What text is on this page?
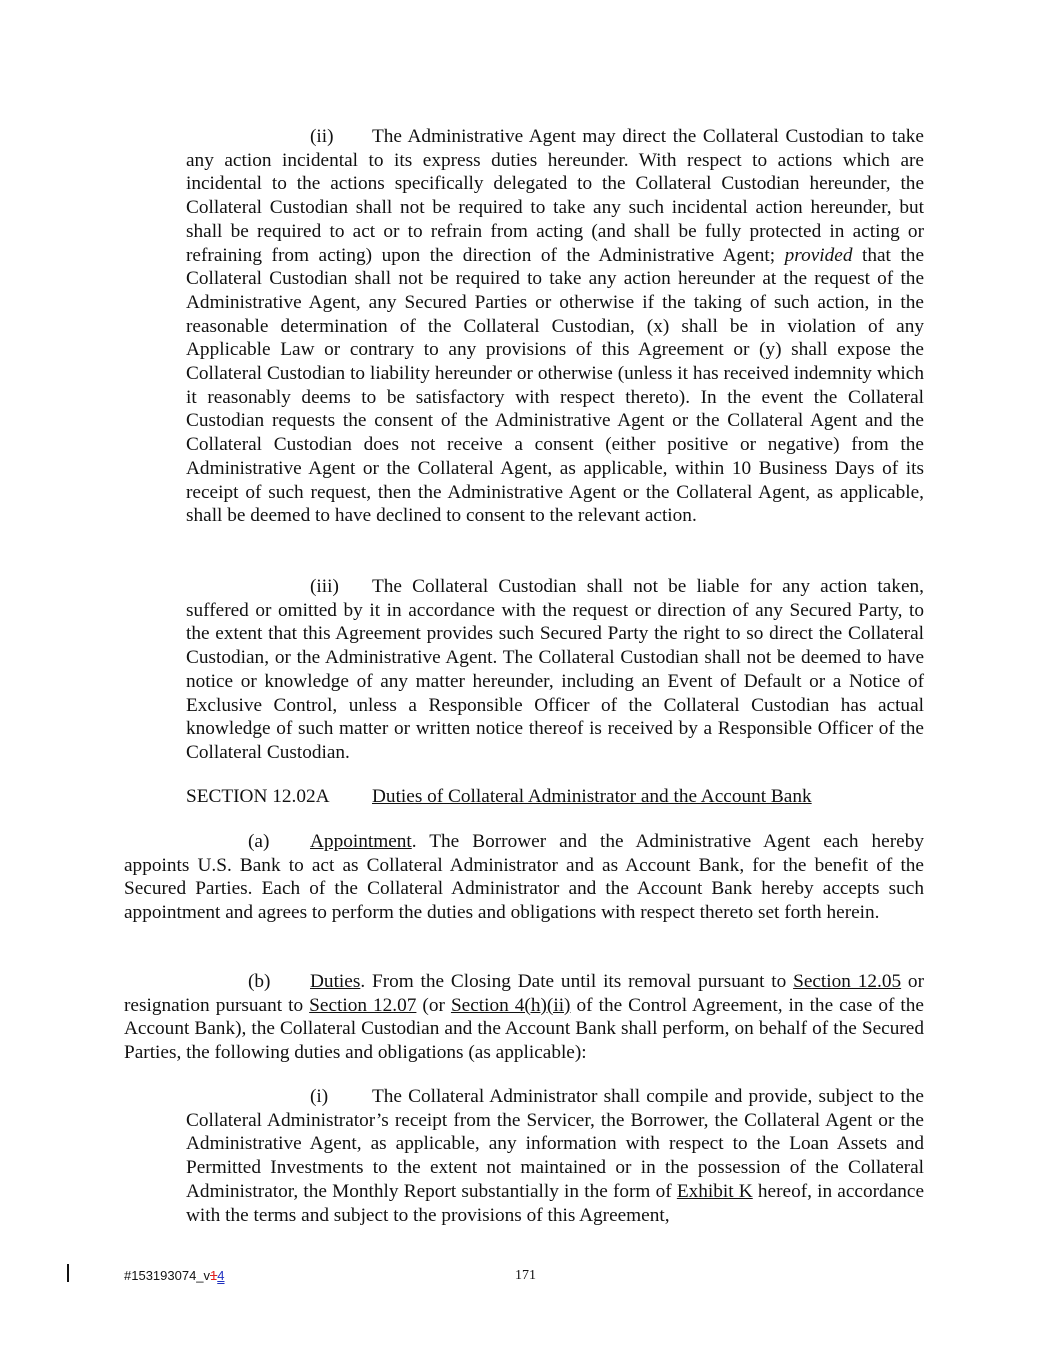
(ii) The Administrative Agent may direct the Collateral Custodian to take any action incidental to its express duties hereunder. With respect to actions which are incidental to the actions specifically delegated to the Collateral Custodian hereunder, the Collateral Custodian shall not be required to take any such incidental action hereunder, but shall be required to act or to refrain from acting (and shall be fully protected in acting or refraining from acting) upon the direction of the Administrative Agent; provided that the Collateral Custodian shall not be required to take any action hereunder at the request of the Administrative Agent, any Secured Parties or otherwise if the taking of such action, in the reasonable determination of the Collateral Custodian, (x) shall be in violation of any Applicable Law or contrary to any provisions of this Agreement or (y) shall expose the Collateral Custodian to liability hereunder or otherwise (unless it has received indemnity which it reasonably deems to be satisfactory with respect thereto). In the event the Collateral Custodian requests the consent of the Administrative Agent or the Collateral Agent and the Collateral Custodian does not receive a consent (either positive or negative) from the Administrative Agent or the Collateral Agent, as applicable, within 10 Business Days of its receipt of such request, then the Administrative Agent or the Collateral Agent, as applicable, shall be deemed to have declined to consent to the relevant action.
(iii) The Collateral Custodian shall not be liable for any action taken, suffered or omitted by it in accordance with the request or direction of any Secured Party, to the extent that this Agreement provides such Secured Party the right to so direct the Collateral Custodian, or the Administrative Agent. The Collateral Custodian shall not be deemed to have notice or knowledge of any matter hereunder, including an Event of Default or a Notice of Exclusive Control, unless a Responsible Officer of the Collateral Custodian has actual knowledge of such matter or written notice thereof is received by a Responsible Officer of the Collateral Custodian.
SECTION 12.02A Duties of Collateral Administrator and the Account Bank
(a) Appointment. The Borrower and the Administrative Agent each hereby appoints U.S. Bank to act as Collateral Administrator and as Account Bank, for the benefit of the Secured Parties. Each of the Collateral Administrator and the Account Bank hereby accepts such appointment and agrees to perform the duties and obligations with respect thereto set forth herein.
(b) Duties. From the Closing Date until its removal pursuant to Section 12.05 or resignation pursuant to Section 12.07 (or Section 4(h)(ii) of the Control Agreement, in the case of the Account Bank), the Collateral Custodian and the Account Bank shall perform, on behalf of the Secured Parties, the following duties and obligations (as applicable):
(i) The Collateral Administrator shall compile and provide, subject to the Collateral Administrator’s receipt from the Servicer, the Borrower, the Collateral Agent or the Administrative Agent, as applicable, any information with respect to the Loan Assets and Permitted Investments to the extent not maintained or in the possession of the Collateral Administrator, the Monthly Report substantially in the form of Exhibit K hereof, in accordance with the terms and subject to the provisions of this Agreement,
#153193074_v14	171
